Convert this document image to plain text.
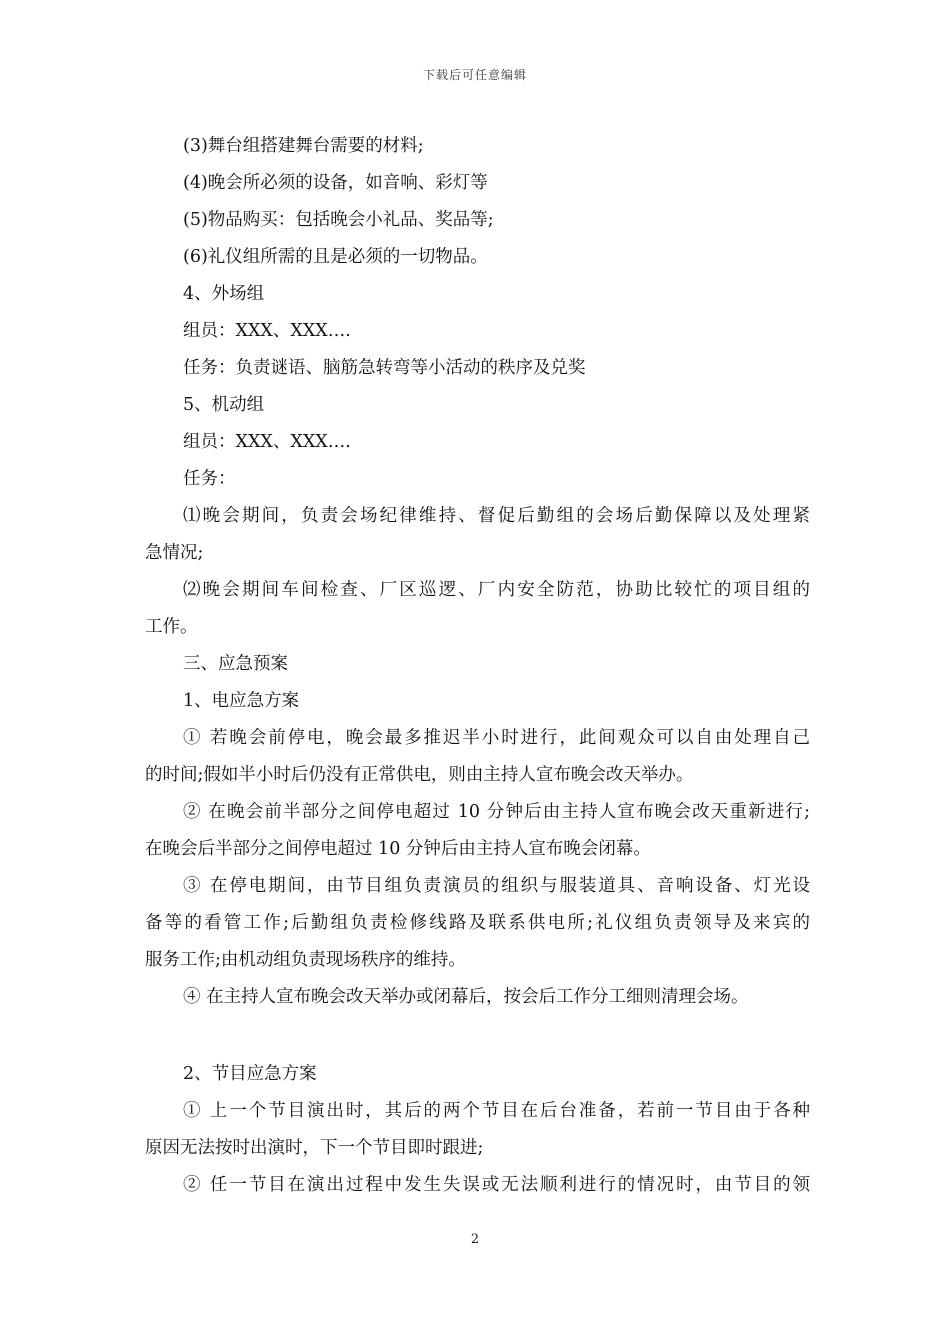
下载后可任意编辑
(3)舞台组搭建舞台需要的材料;
(4)晚会所必须的设备，如音响、彩灯等
(5)物品购买：包括晚会小礼品、奖品等;
(6)礼仪组所需的且是必须的一切物品。
4、外场组
组员：XXX、XXX….
任务：负责谜语、脑筋急转弯等小活动的秩序及兑奖
5、机动组
组员：XXX、XXX….
任务：
⑴晚会期间，负责会场纪律维持、督促后勤组的会场后勤保障以及处理紧
急情况;
⑵晚会期间车间检查、厂区巡逻、厂内安全防范，协助比较忙的项目组的
工作。
三、应急预案
1、电应急方案
① 若晚会前停电，晚会最多推迟半小时进行，此间观众可以自由处理自己
的时间;假如半小时后仍没有正常供电，则由主持人宣布晚会改天举办。
② 在晚会前半部分之间停电超过 10 分钟后由主持人宣布晚会改天重新进行;
在晚会后半部分之间停电超过 10 分钟后由主持人宣布晚会闭幕。
③ 在停电期间，由节目组负责演员的组织与服装道具、音响设备、灯光设
备等的看管工作;后勤组负责检修线路及联系供电所;礼仪组负责领导及来宾的
服务工作;由机动组负责现场秩序的维持。
④ 在主持人宣布晚会改天举办或闭幕后，按会后工作分工细则清理会场。
2、节目应急方案
① 上一个节目演出时，其后的两个节目在后台准备，若前一节目由于各种
原因无法按时出演时，下一个节目即时跟进;
② 任一节目在演出过程中发生失误或无法顺利进行的情况时，由节目的领
2
